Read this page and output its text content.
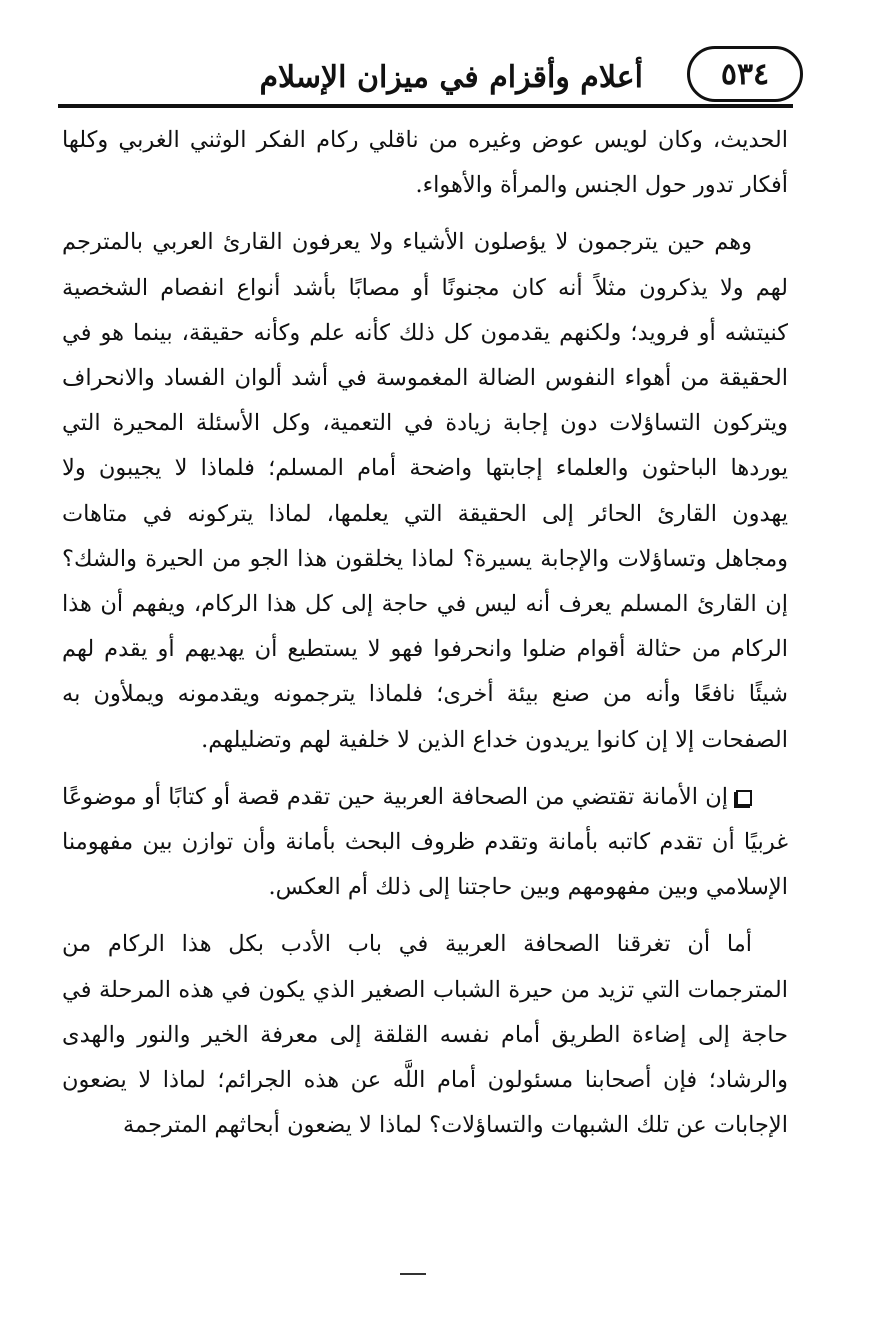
أعلام وأقزام في ميزان الإسلام	٥٣٤

الحديث، وكان لويس عوض وغيره من ناقلي ركام الفكر الوثني الغربي وكلها أفكار تدور حول الجنس والمرأة والأهواء.

وهم حين يترجمون لا يؤصلون الأشياء ولا يعرفون القارئ العربي بالمترجم لهم ولا يذكرون مثلاً أنه كان مجنونًا أو مصابًا بأشد أنواع انفصام الشخصية كنيتشه أو فرويد؛ ولكنهم يقدمون كل ذلك كأنه علم وكأنه حقيقة، بينما هو في الحقيقة من أهواء النفوس الضالة المغموسة في أشد ألوان الفساد والانحراف ويتركون التساؤلات دون إجابة زيادة في التعمية، وكل الأسئلة المحيرة التي يوردها الباحثون والعلماء إجابتها واضحة أمام المسلم؛ فلماذا لا يجيبون ولا يهدون القارئ الحائر إلى الحقيقة التي يعلمها، لماذا يتركونه في متاهات ومجاهل وتساؤلات والإجابة يسيرة؟ لماذا يخلقون هذا الجو من الحيرة والشك؟ إن القارئ المسلم يعرف أنه ليس في حاجة إلى كل هذا الركام، ويفهم أن هذا الركام من حثالة أقوام ضلوا وانحرفوا فهو لا يستطيع أن يهديهم أو يقدم لهم شيئًا نافعًا وأنه من صنع بيئة أخرى؛ فلماذا يترجمونه ويقدمونه ويملأون به الصفحات إلا إن كانوا يريدون خداع الذين لا خلفية لهم وتضليلهم.

إن الأمانة تقتضي من الصحافة العربية حين تقدم قصة أو كتابًا أو موضوعًا غربيًا أن تقدم كاتبه بأمانة وتقدم ظروف البحث بأمانة وأن توازن بين مفهومنا الإسلامي وبين مفهومهم وبين حاجتنا إلى ذلك أم العكس.

أما أن تغرقنا الصحافة العربية في باب الأدب بكل هذا الركام من المترجمات التي تزيد من حيرة الشباب الصغير الذي يكون في هذه المرحلة في حاجة إلى إضاءة الطريق أمام نفسه القلقة إلى معرفة الخير والنور والهدى والرشاد؛ فإن أصحابنا مسئولون أمام اللَّه عن هذه الجرائم؛ لماذا لا يضعون الإجابات عن تلك الشبهات والتساؤلات؟ لماذا لا يضعون أبحاثهم المترجمة
